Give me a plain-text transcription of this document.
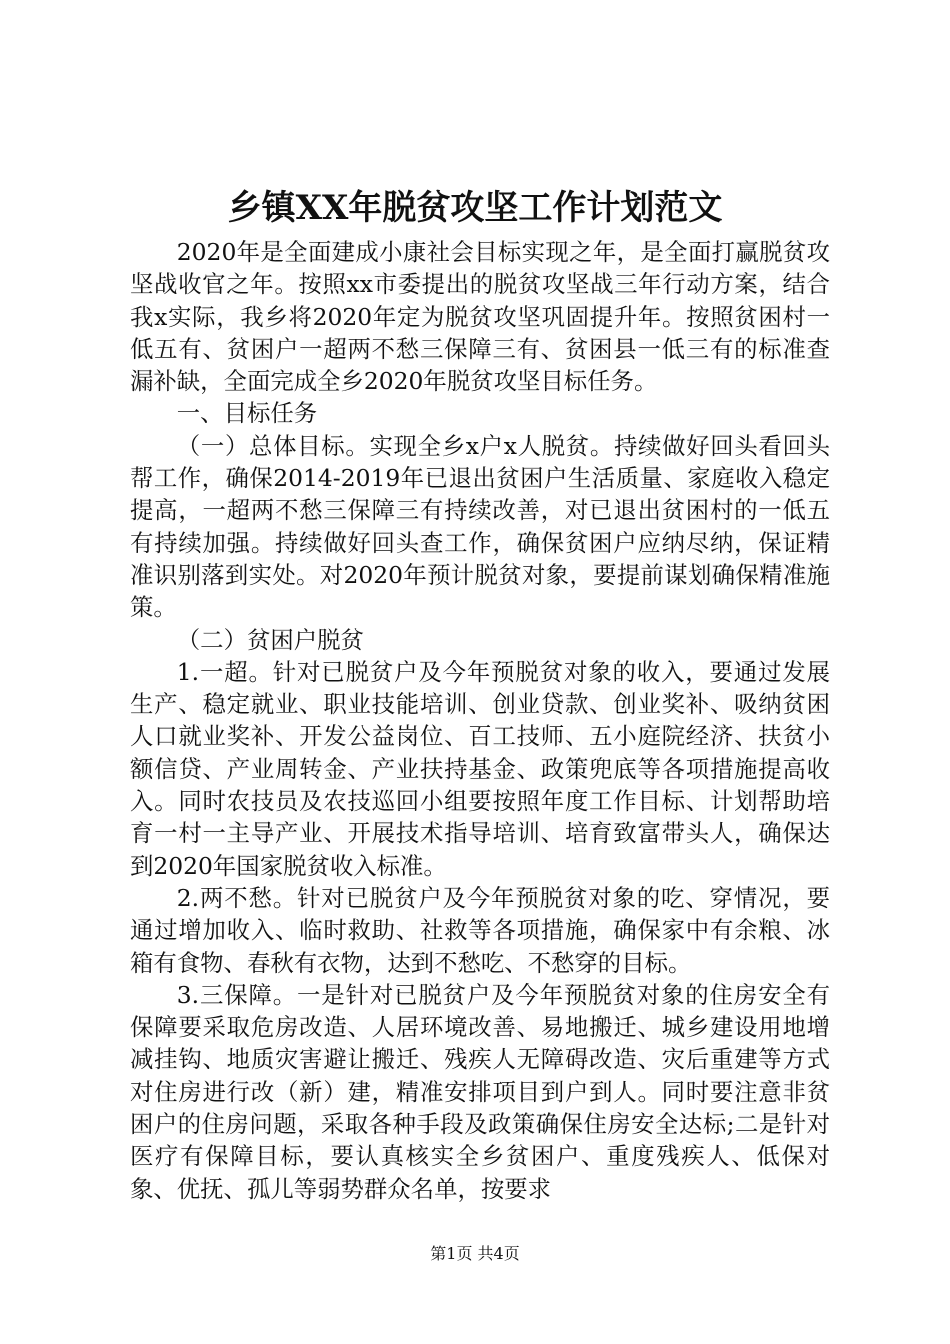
乡镇XX年脱贫攻坚工作计划范文

2020年是全面建成小康社会目标实现之年，是全面打赢脱贫攻坚战收官之年。按照xx市委提出的脱贫攻坚战三年行动方案，结合我x实际，我乡将2020年定为脱贫攻坚巩固提升年。按照贫困村一低五有、贫困户一超两不愁三保障三有、贫困县一低三有的标准查漏补缺，全面完成全乡2020年脱贫攻坚目标任务。

一、目标任务

（一）总体目标。实现全乡x户x人脱贫。持续做好回头看回头帮工作，确保2014-2019年已退出贫困户生活质量、家庭收入稳定提高，一超两不愁三保障三有持续改善，对已退出贫困村的一低五有持续加强。持续做好回头查工作，确保贫困户应纳尽纳，保证精准识别落到实处。对2020年预计脱贫对象，要提前谋划确保精准施策。

（二）贫困户脱贫

1.一超。针对已脱贫户及今年预脱贫对象的收入，要通过发展生产、稳定就业、职业技能培训、创业贷款、创业奖补、吸纳贫困人口就业奖补、开发公益岗位、百工技师、五小庭院经济、扶贫小额信贷、产业周转金、产业扶持基金、政策兜底等各项措施提高收入。同时农技员及农技巡回小组要按照年度工作目标、计划帮助培育一村一主导产业、开展技术指导培训、培育致富带头人，确保达到2020年国家脱贫收入标准。

2.两不愁。针对已脱贫户及今年预脱贫对象的吃、穿情况，要通过增加收入、临时救助、社救等各项措施，确保家中有余粮、冰箱有食物、春秋有衣物，达到不愁吃、不愁穿的目标。

3.三保障。一是针对已脱贫户及今年预脱贫对象的住房安全有保障要采取危房改造、人居环境改善、易地搬迁、城乡建设用地增减挂钩、地质灾害避让搬迁、残疾人无障碍改造、灾后重建等方式对住房进行改（新）建，精准安排项目到户到人。同时要注意非贫困户的住房问题，采取各种手段及政策确保住房安全达标;二是针对医疗有保障目标，要认真核实全乡贫困户、重度残疾人、低保对象、优抚、孤儿等弱势群众名单，按要求

第1页 共4页
